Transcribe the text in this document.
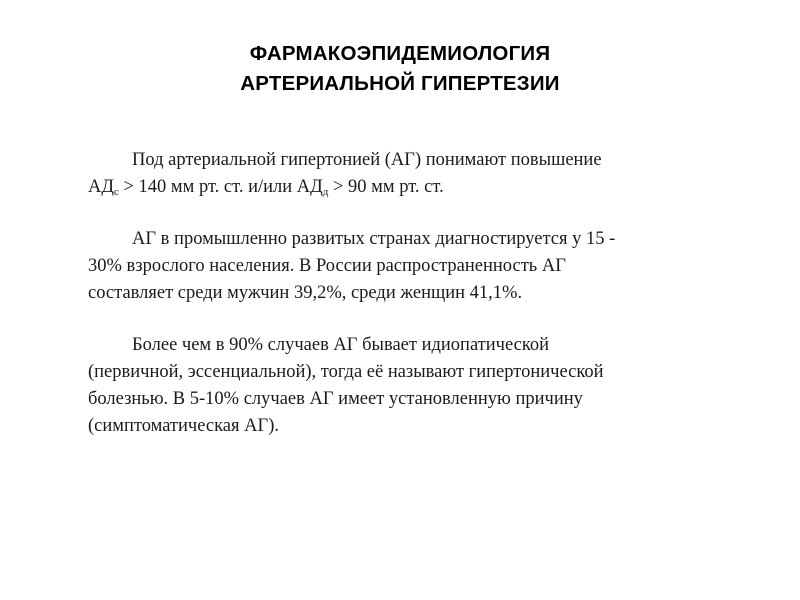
ФАРМАКОЭПИДЕМИОЛОГИЯ
АРТЕРИАЛЬНОЙ ГИПЕРТЕЗИИ
Под артериальной гипертонией (АГ) понимают повышение
$АД_с > 140$ мм рт. ст. и/или $АД_д > 90$ мм рт. ст.
АГ в промышленно развитых странах диагностируется у 15 -
30% взрослого населения. В России распространенность АГ
составляет среди мужчин 39,2%, среди женщин 41,1%.
Более чем в 90% случаев АГ бывает идиопатической
(первичной, эссенциальной), тогда её называют гипертонической
болезнью. В 5-10% случаев АГ имеет установленную причину
(симптоматическая АГ).
